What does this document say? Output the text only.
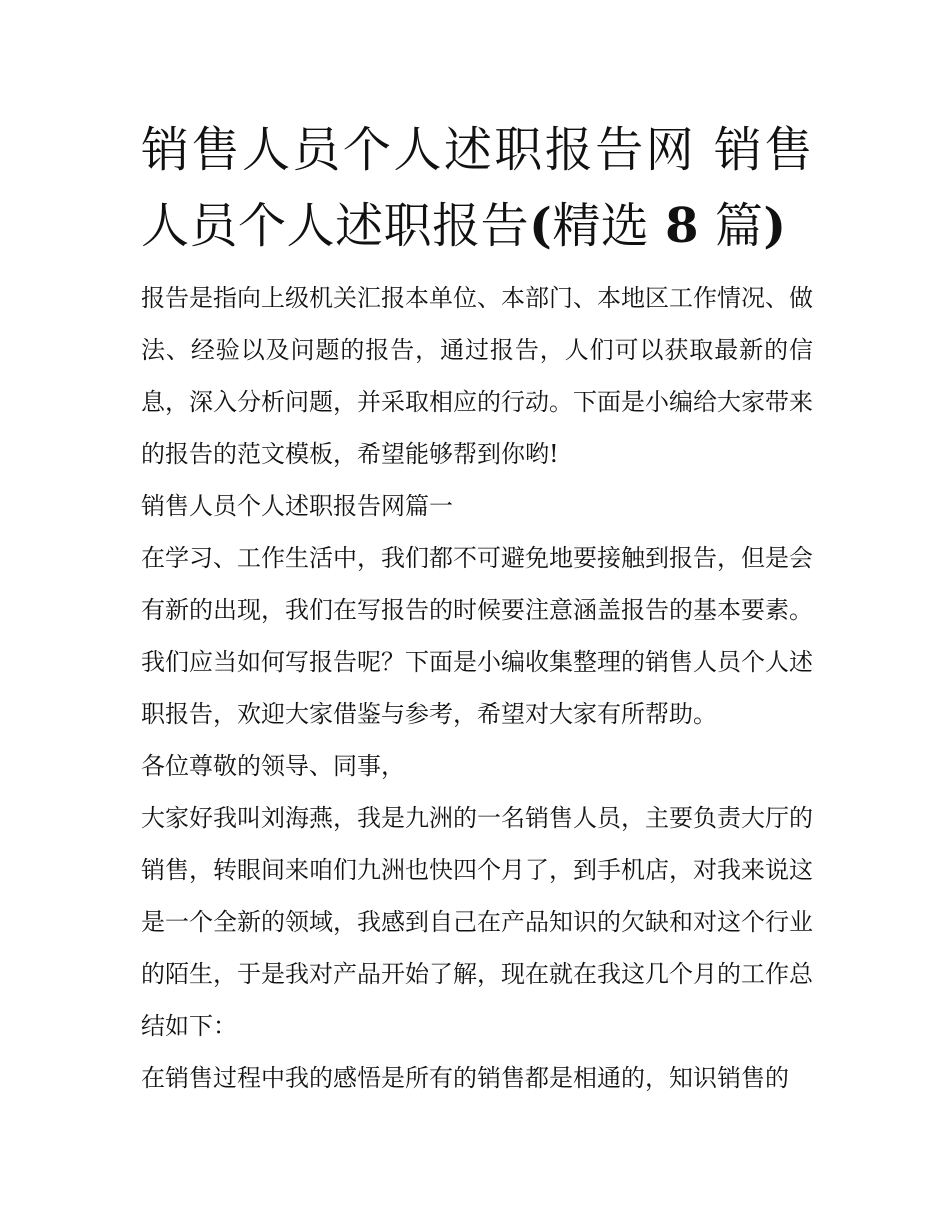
销售人员个人述职报告网 销售人员个人述职报告(精选 8 篇)

报告是指向上级机关汇报本单位、本部门、本地区工作情况、做法、经验以及问题的报告，通过报告，人们可以获取最新的信息，深入分析问题，并采取相应的行动。下面是小编给大家带来的报告的范文模板，希望能够帮到你哟!

销售人员个人述职报告网篇一

在学习、工作生活中，我们都不可避免地要接触到报告，但是会有新的出现，我们在写报告的时候要注意涵盖报告的基本要素。我们应当如何写报告呢？下面是小编收集整理的销售人员个人述职报告，欢迎大家借鉴与参考，希望对大家有所帮助。

各位尊敬的领导、同事，

大家好我叫刘海燕，我是九洲的一名销售人员，主要负责大厅的销售，转眼间来咱们九洲也快四个月了，到手机店，对我来说这是一个全新的领域，我感到自己在产品知识的欠缺和对这个行业的陌生，于是我对产品开始了解，现在就在我这几个月的工作总结如下：

在销售过程中我的感悟是所有的销售都是相通的，知识销售的
